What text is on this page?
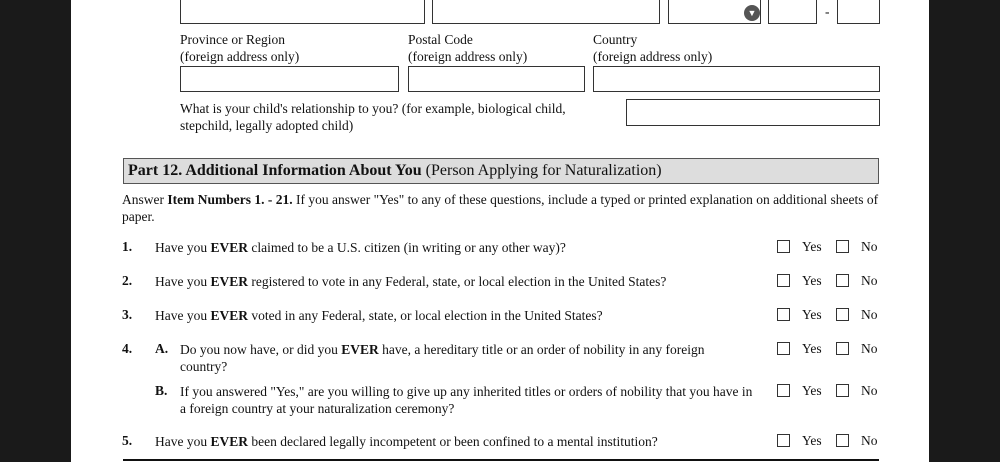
▼	-
Province or Region
(foreign address only)
Postal Code
(foreign address only)
Country
(foreign address only)
What is your child's relationship to you? (for example, biological child,
stepchild, legally adopted child)
Part 12. Additional Information About You (Person Applying for Naturalization)
Answer Item Numbers 1. - 21. If you answer "Yes" to any of these questions, include a typed or printed explanation on additional sheets of paper.
1. Have you EVER claimed to be a U.S. citizen (in writing or any other way)?	Yes	No
2. Have you EVER registered to vote in any Federal, state, or local election in the United States?	Yes	No
3. Have you EVER voted in any Federal, state, or local election in the United States?	Yes	No
4. A. Do you now have, or did you EVER have, a hereditary title or an order of nobility in any foreign country?
Yes	No
B. If you answered "Yes," are you willing to give up any inherited titles or orders of nobility that you have in a foreign country at your naturalization ceremony?
Yes	No
5. Have you EVER been declared legally incompetent or been confined to a mental institution?	Yes	No
